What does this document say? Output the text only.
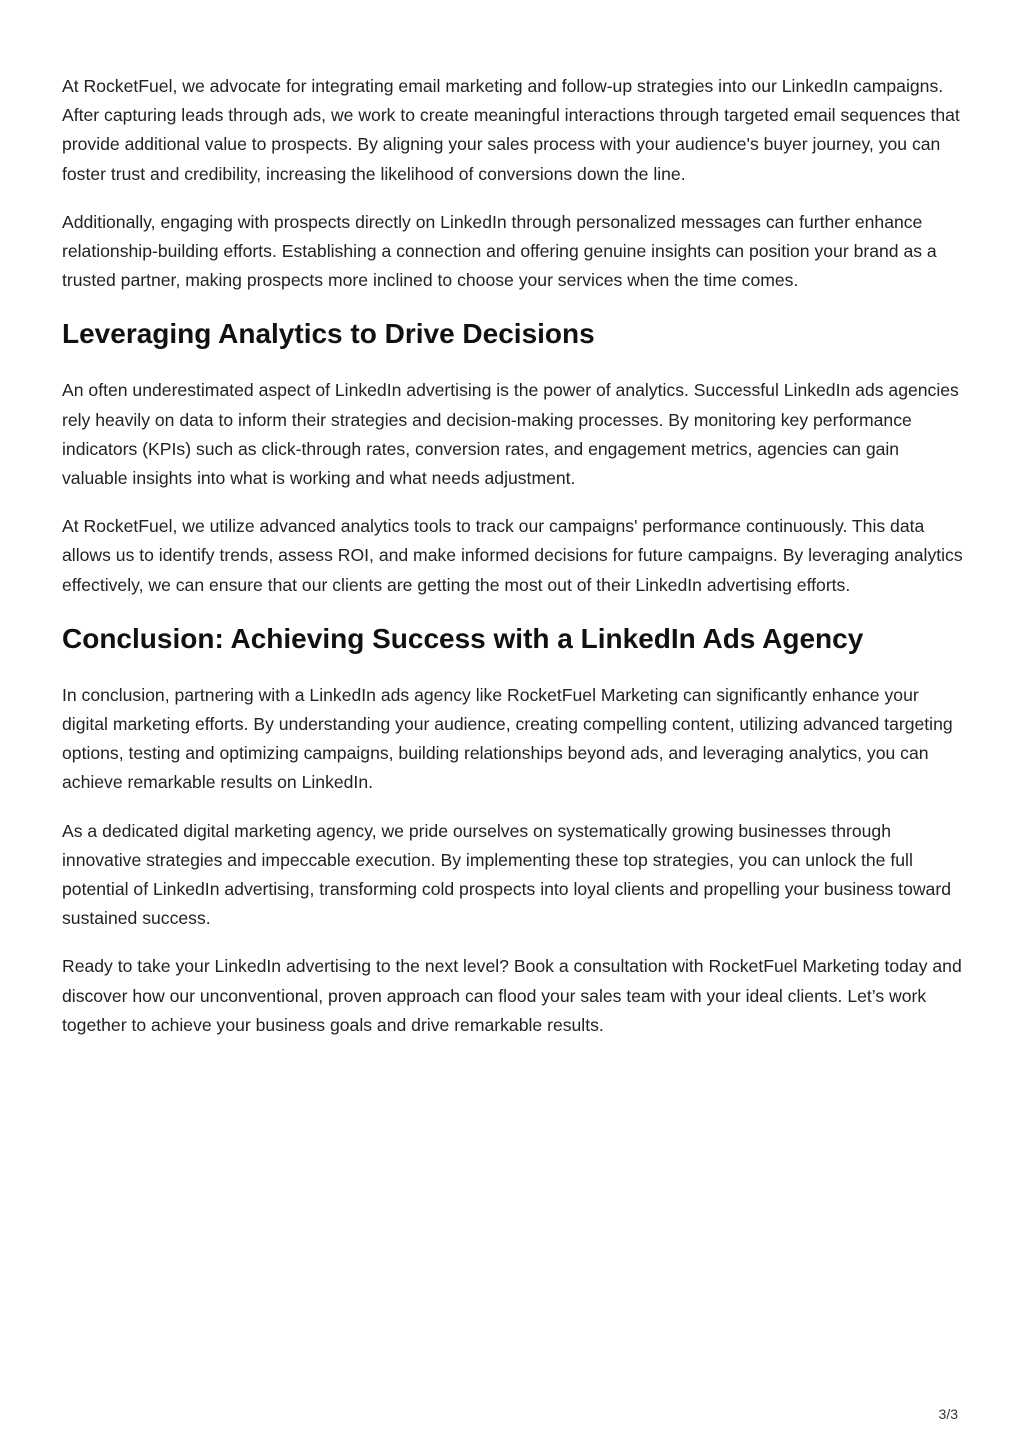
At RocketFuel, we advocate for integrating email marketing and follow-up strategies into our LinkedIn campaigns. After capturing leads through ads, we work to create meaningful interactions through targeted email sequences that provide additional value to prospects. By aligning your sales process with your audience's buyer journey, you can foster trust and credibility, increasing the likelihood of conversions down the line.

Additionally, engaging with prospects directly on LinkedIn through personalized messages can further enhance relationship-building efforts. Establishing a connection and offering genuine insights can position your brand as a trusted partner, making prospects more inclined to choose your services when the time comes.

Leveraging Analytics to Drive Decisions

An often underestimated aspect of LinkedIn advertising is the power of analytics. Successful LinkedIn ads agencies rely heavily on data to inform their strategies and decision-making processes. By monitoring key performance indicators (KPIs) such as click-through rates, conversion rates, and engagement metrics, agencies can gain valuable insights into what is working and what needs adjustment.

At RocketFuel, we utilize advanced analytics tools to track our campaigns' performance continuously. This data allows us to identify trends, assess ROI, and make informed decisions for future campaigns. By leveraging analytics effectively, we can ensure that our clients are getting the most out of their LinkedIn advertising efforts.

Conclusion: Achieving Success with a LinkedIn Ads Agency

In conclusion, partnering with a LinkedIn ads agency like RocketFuel Marketing can significantly enhance your digital marketing efforts. By understanding your audience, creating compelling content, utilizing advanced targeting options, testing and optimizing campaigns, building relationships beyond ads, and leveraging analytics, you can achieve remarkable results on LinkedIn.

As a dedicated digital marketing agency, we pride ourselves on systematically growing businesses through innovative strategies and impeccable execution. By implementing these top strategies, you can unlock the full potential of LinkedIn advertising, transforming cold prospects into loyal clients and propelling your business toward sustained success.

Ready to take your LinkedIn advertising to the next level? Book a consultation with RocketFuel Marketing today and discover how our unconventional, proven approach can flood your sales team with your ideal clients. Let’s work together to achieve your business goals and drive remarkable results.

3/3
